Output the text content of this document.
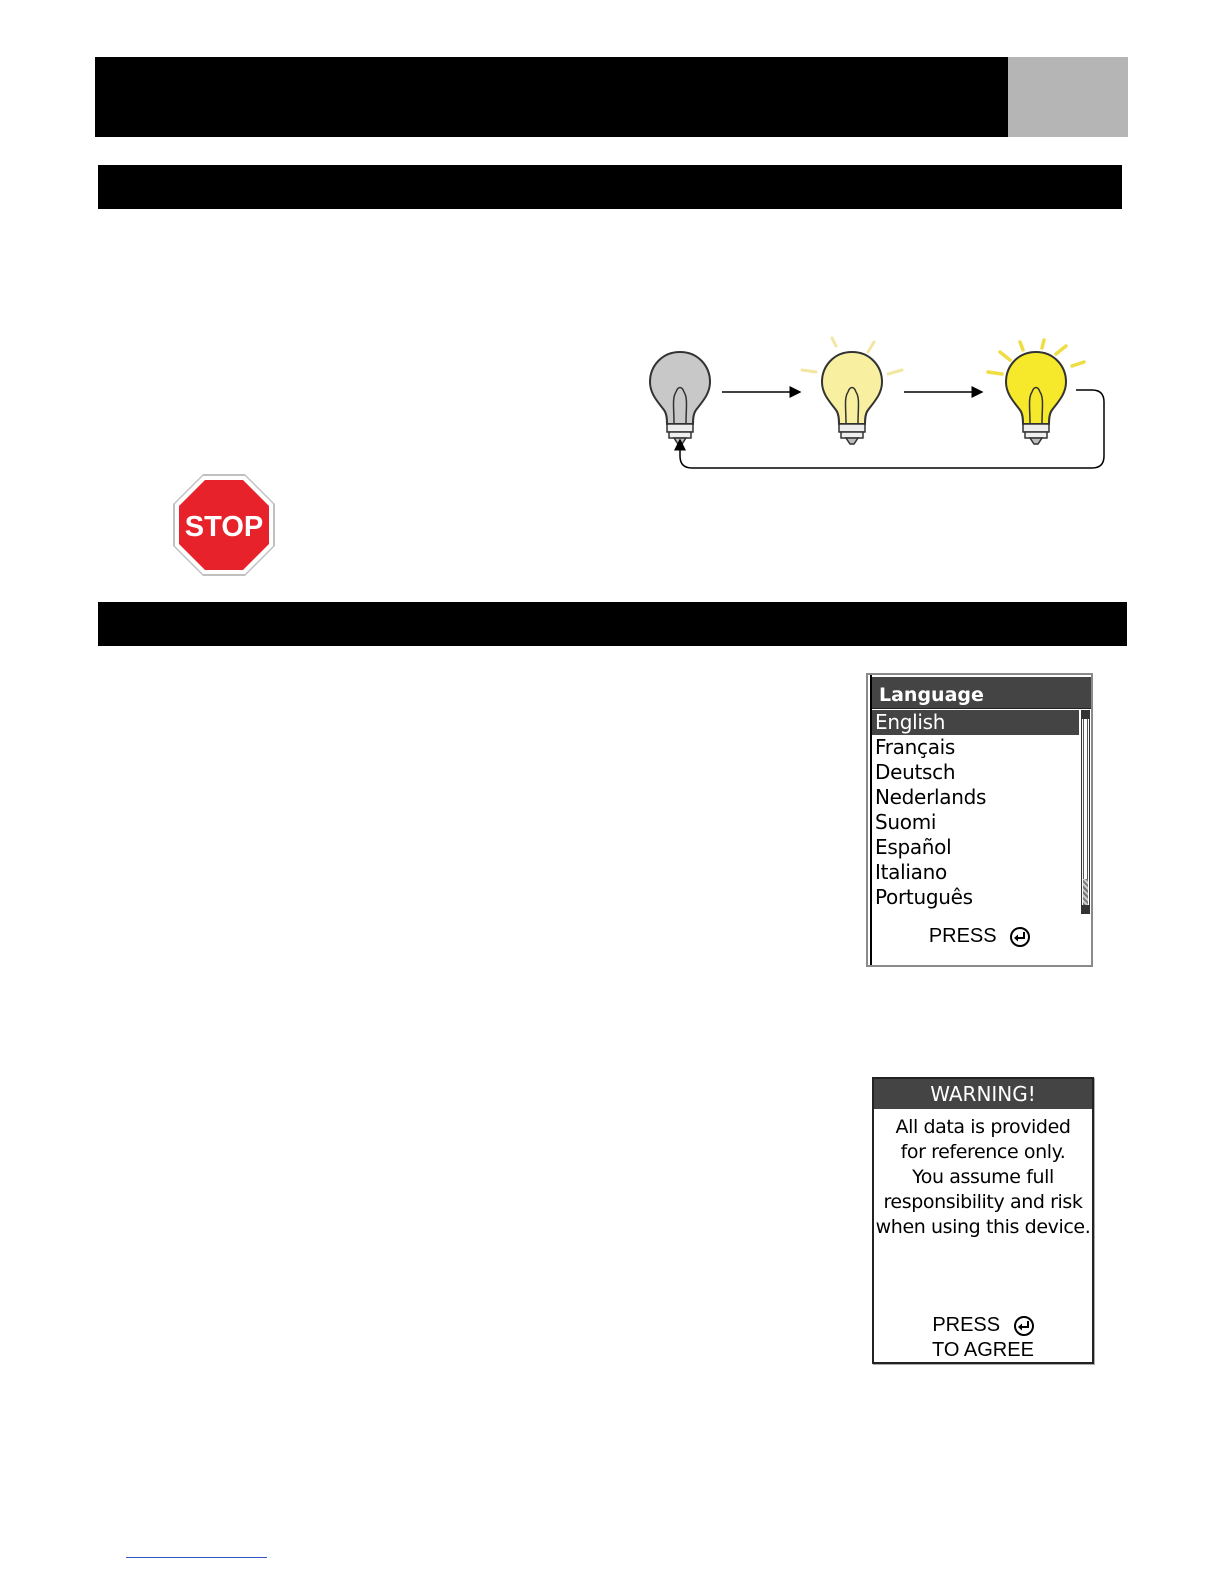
STOP
Language
English
Français
Deutsch
Nederlands
Suomi
Español
Italiano
Português
PRESS
WARNING!
All data is provided
for reference only.
You assume full
responsibility and risk
when using this device.
PRESS
TO AGREE
